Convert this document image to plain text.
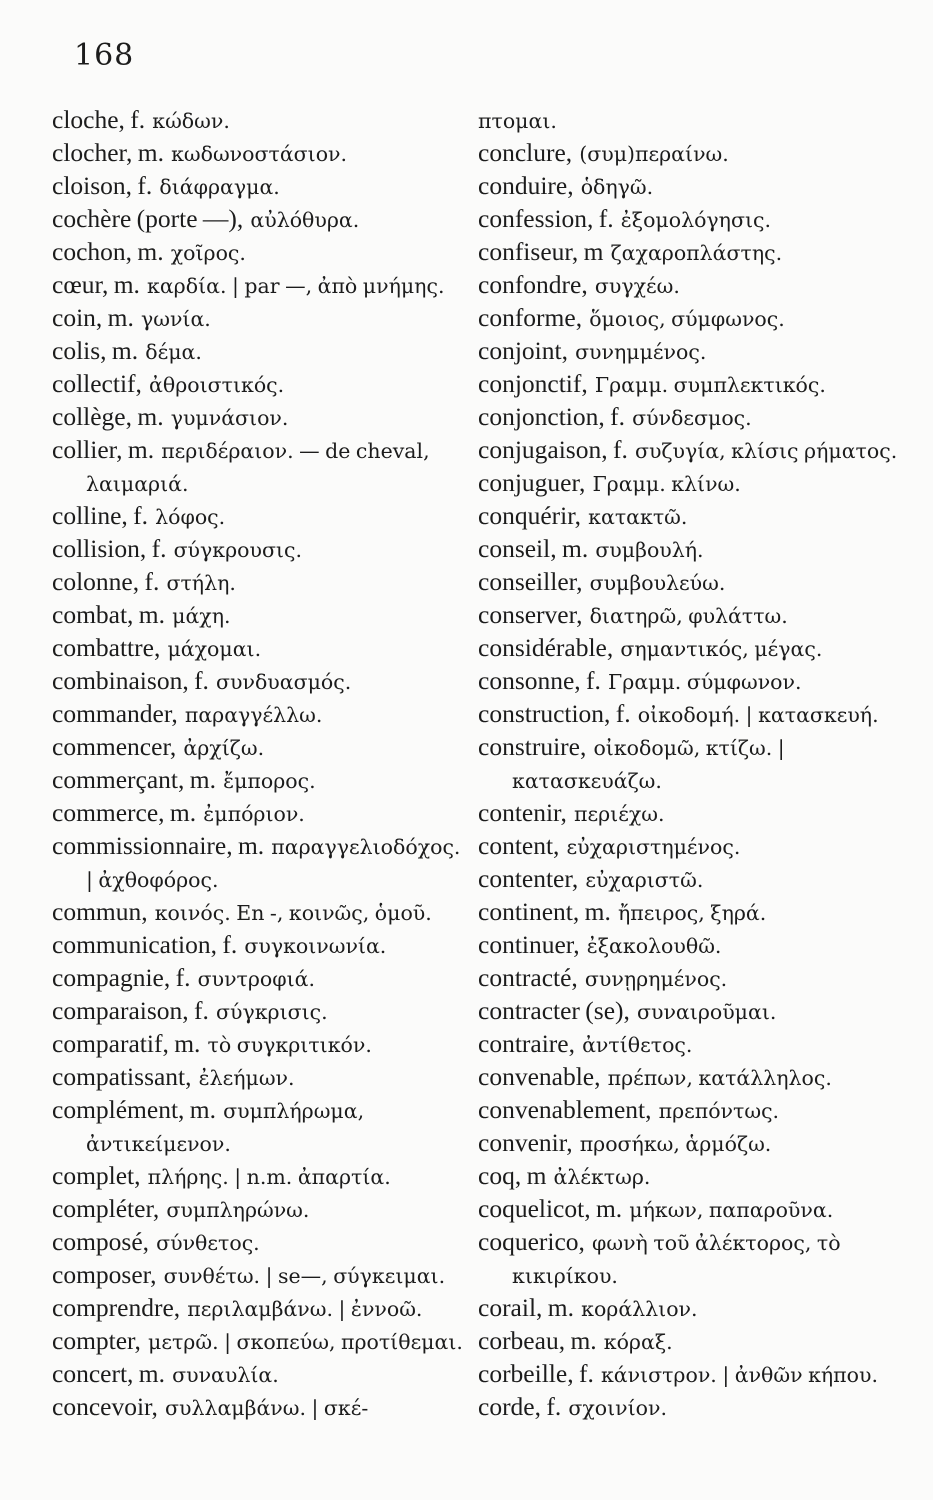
168
cloche, f. κώδων.
clocher, m. κωδωνοστάσιον.
cloison, f. διάφραγμα.
cochère (porte —), αὐλόθυρα.
cochon, m. χοῖρος.
cœur, m. καρδία. | par —, ἀπὸ μνήμης.
coin, m. γωνία.
colis, m. δέμα.
collectif, ἀθροιστικός.
collège, m. γυμνάσιον.
collier, m. περιδέραιον. — de cheval, λαιμαριά.
colline, f. λόφος.
collision, f. σύγκρουσις.
colonne, f. στήλη.
combat, m. μάχη.
combattre, μάχομαι.
combinaison, f. συνδυασμός.
commander, παραγγέλλω.
commencer, ἀρχίζω.
commerçant, m. ἔμπορος.
commerce, m. ἐμπόριον.
commissionnaire, m. παραγγελιοδόχος. | ἀχθοφόρος.
commun, κοινός. En -, κοινῶς, ὁμοῦ.
communication, f. συγκοινωνία.
compagnie, f. συντροφιά.
comparaison, f. σύγκρισις.
comparatif, m. τὸ συγκριτικόν.
compatissant, ἐλεήμων.
complément, m. συμπλήρωμα, ἀντικείμενον.
complet, πλήρης. | n.m. ἀπαρτία.
compléter, συμπληρώνω.
composé, σύνθετος.
composer, συνθέτω. | se—, σύγκειμαι.
comprendre, περιλαμβάνω. | ἐννοῶ.
compter, μετρῶ. | σκοπεύω, προτίθεμαι.
concert, m. συναυλία.
concevoir, συλλαμβάνω. | σκέ-
πτομαι.
conclure, (συμ)περαίνω.
conduire, ὁδηγῶ.
confession, f. ἐξομολόγησις.
confiseur, m ζαχαροπλάστης.
confondre, συγχέω.
conforme, ὅμοιος, σύμφωνος.
conjoint, συνημμένος.
conjonctif, Γραμμ. συμπλεκτικός.
conjonction, f. σύνδεσμος.
conjugaison, f. συζυγία, κλίσις ρήματος.
conjuguer, Γραμμ. κλίνω.
conquérir, κατακτῶ.
conseil, m. συμβουλή.
conseiller, συμβουλεύω.
conserver, διατηρῶ, φυλάττω.
considérable, σημαντικός, μέγας.
consonne, f. Γραμμ. σύμφωνον.
construction, f. οἰκοδομή. | κατασκευή.
construire, οἰκοδομῶ, κτίζω. | κατασκευάζω.
contenir, περιέχω.
content, εὐχαριστημένος.
contenter, εὐχαριστῶ.
continent, m. ἤπειρος, ξηρά.
continuer, ἐξακολουθῶ.
contracté, συνῃρημένος.
contracter (se), συναιροῦμαι.
contraire, ἀντίθετος.
convenable, πρέπων, κατάλληλος.
convenablement, πρεπόντως.
convenir, προσήκω, ἁρμόζω.
coq, m ἀλέκτωρ.
coquelicot, m. μήκων, παπαροῦνα.
coquerico, φωνὴ τοῦ ἀλέκτορος, τὸ κικιρίκου.
corail, m. κοράλλιον.
corbeau, m. κόραξ.
corbeille, f. κάνιστρον. | ἀνθῶν κήπου.
corde, f. σχοινίον.
